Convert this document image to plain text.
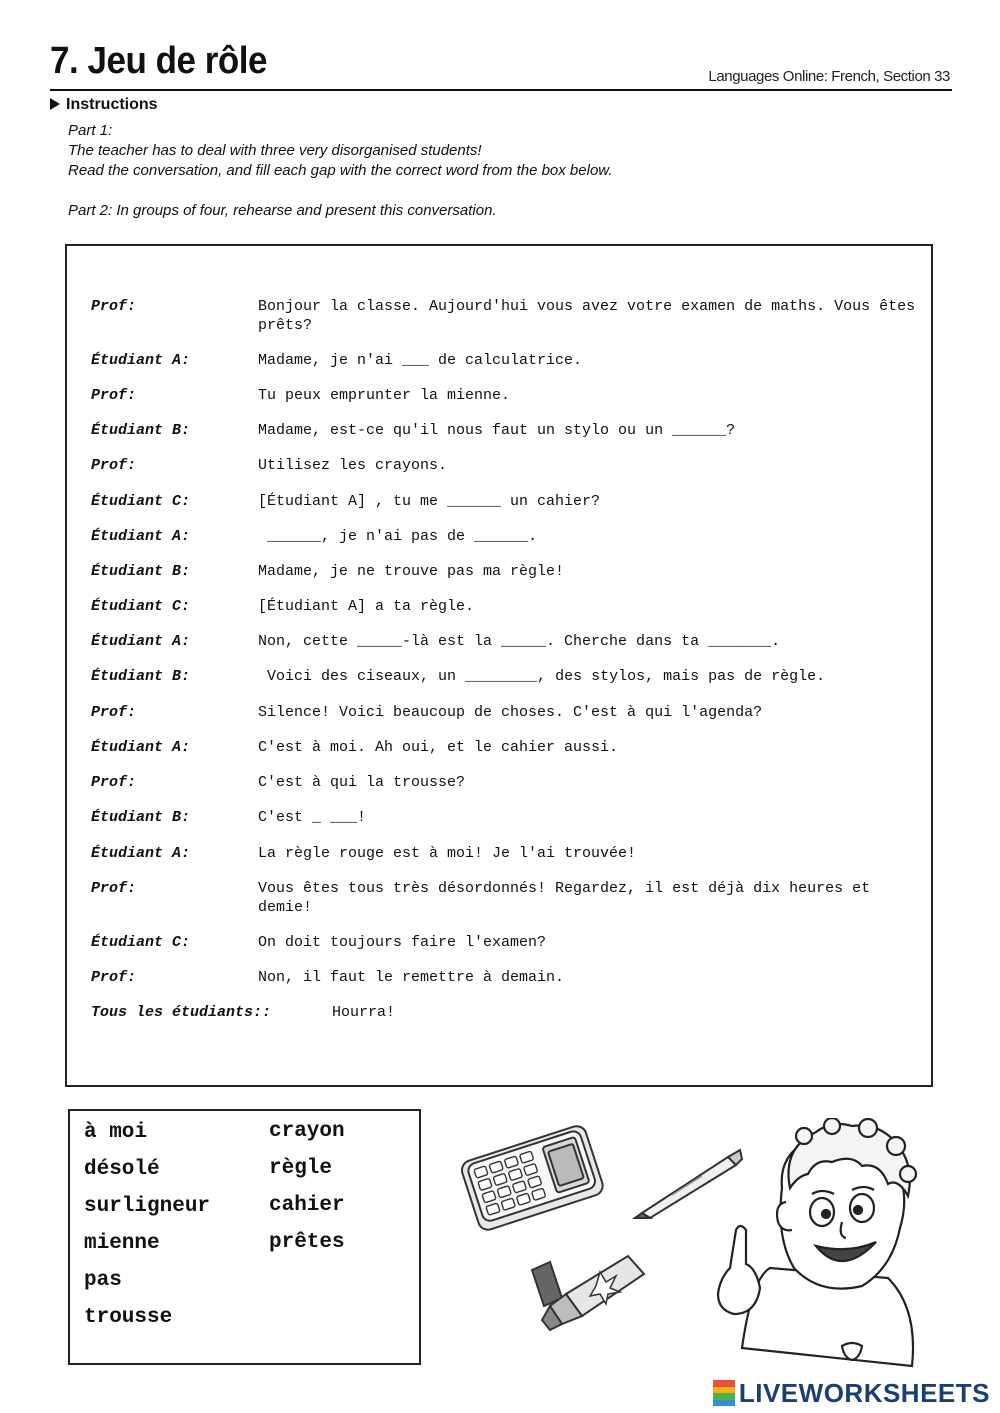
7. Jeu de rôle	Languages Online: French, Section 33
Instructions

Part 1:

The teacher has to deal with three very disorganised students!

Read the conversation, and fill each gap with the correct word from the box below.

Part 2: In groups of four, rehearse and present this conversation.

Prof:	Bonjour la classe. Aujourd'hui vous avez votre examen de maths. Vous êtes prêts?
Étudiant A:	Madame, je n'ai ___ de calculatrice.
Prof:	Tu peux emprunter la mienne.
Étudiant B:	Madame, est-ce qu'il nous faut un stylo ou un ______?
Prof:	Utilisez les crayons.
Étudiant C:	[Étudiant A] , tu me ______ un cahier?
Étudiant A:	______, je n'ai pas de ______.
Étudiant B:	Madame, je ne trouve pas ma règle!
Étudiant C:	[Étudiant A] a ta règle.
Étudiant A:	Non, cette _____-là est la _____. Cherche dans ta _______.
Étudiant B:	Voici des ciseaux, un ________, des stylos, mais pas de règle.
Prof:	Silence! Voici beaucoup de choses. C'est à qui l'agenda?
Étudiant A:	C'est à moi. Ah oui, et le cahier aussi.
Prof:	C'est à qui la trousse?
Étudiant B:	C'est _ ___!
Étudiant A:	La règle rouge est à moi! Je l'ai trouvée!
Prof:	Vous êtes tous très désordonnés! Regardez, il est déjà dix heures et demie!
Étudiant C:	On doit toujours faire l'examen?
Prof:	Non, il faut le remettre à demain.
Tous les étudiants::	Hourra!
à moi
désolé
surligneur
mienne
pas
trousse
crayon
règle
cahier
prêtes
LIVEWORKSHEETS
